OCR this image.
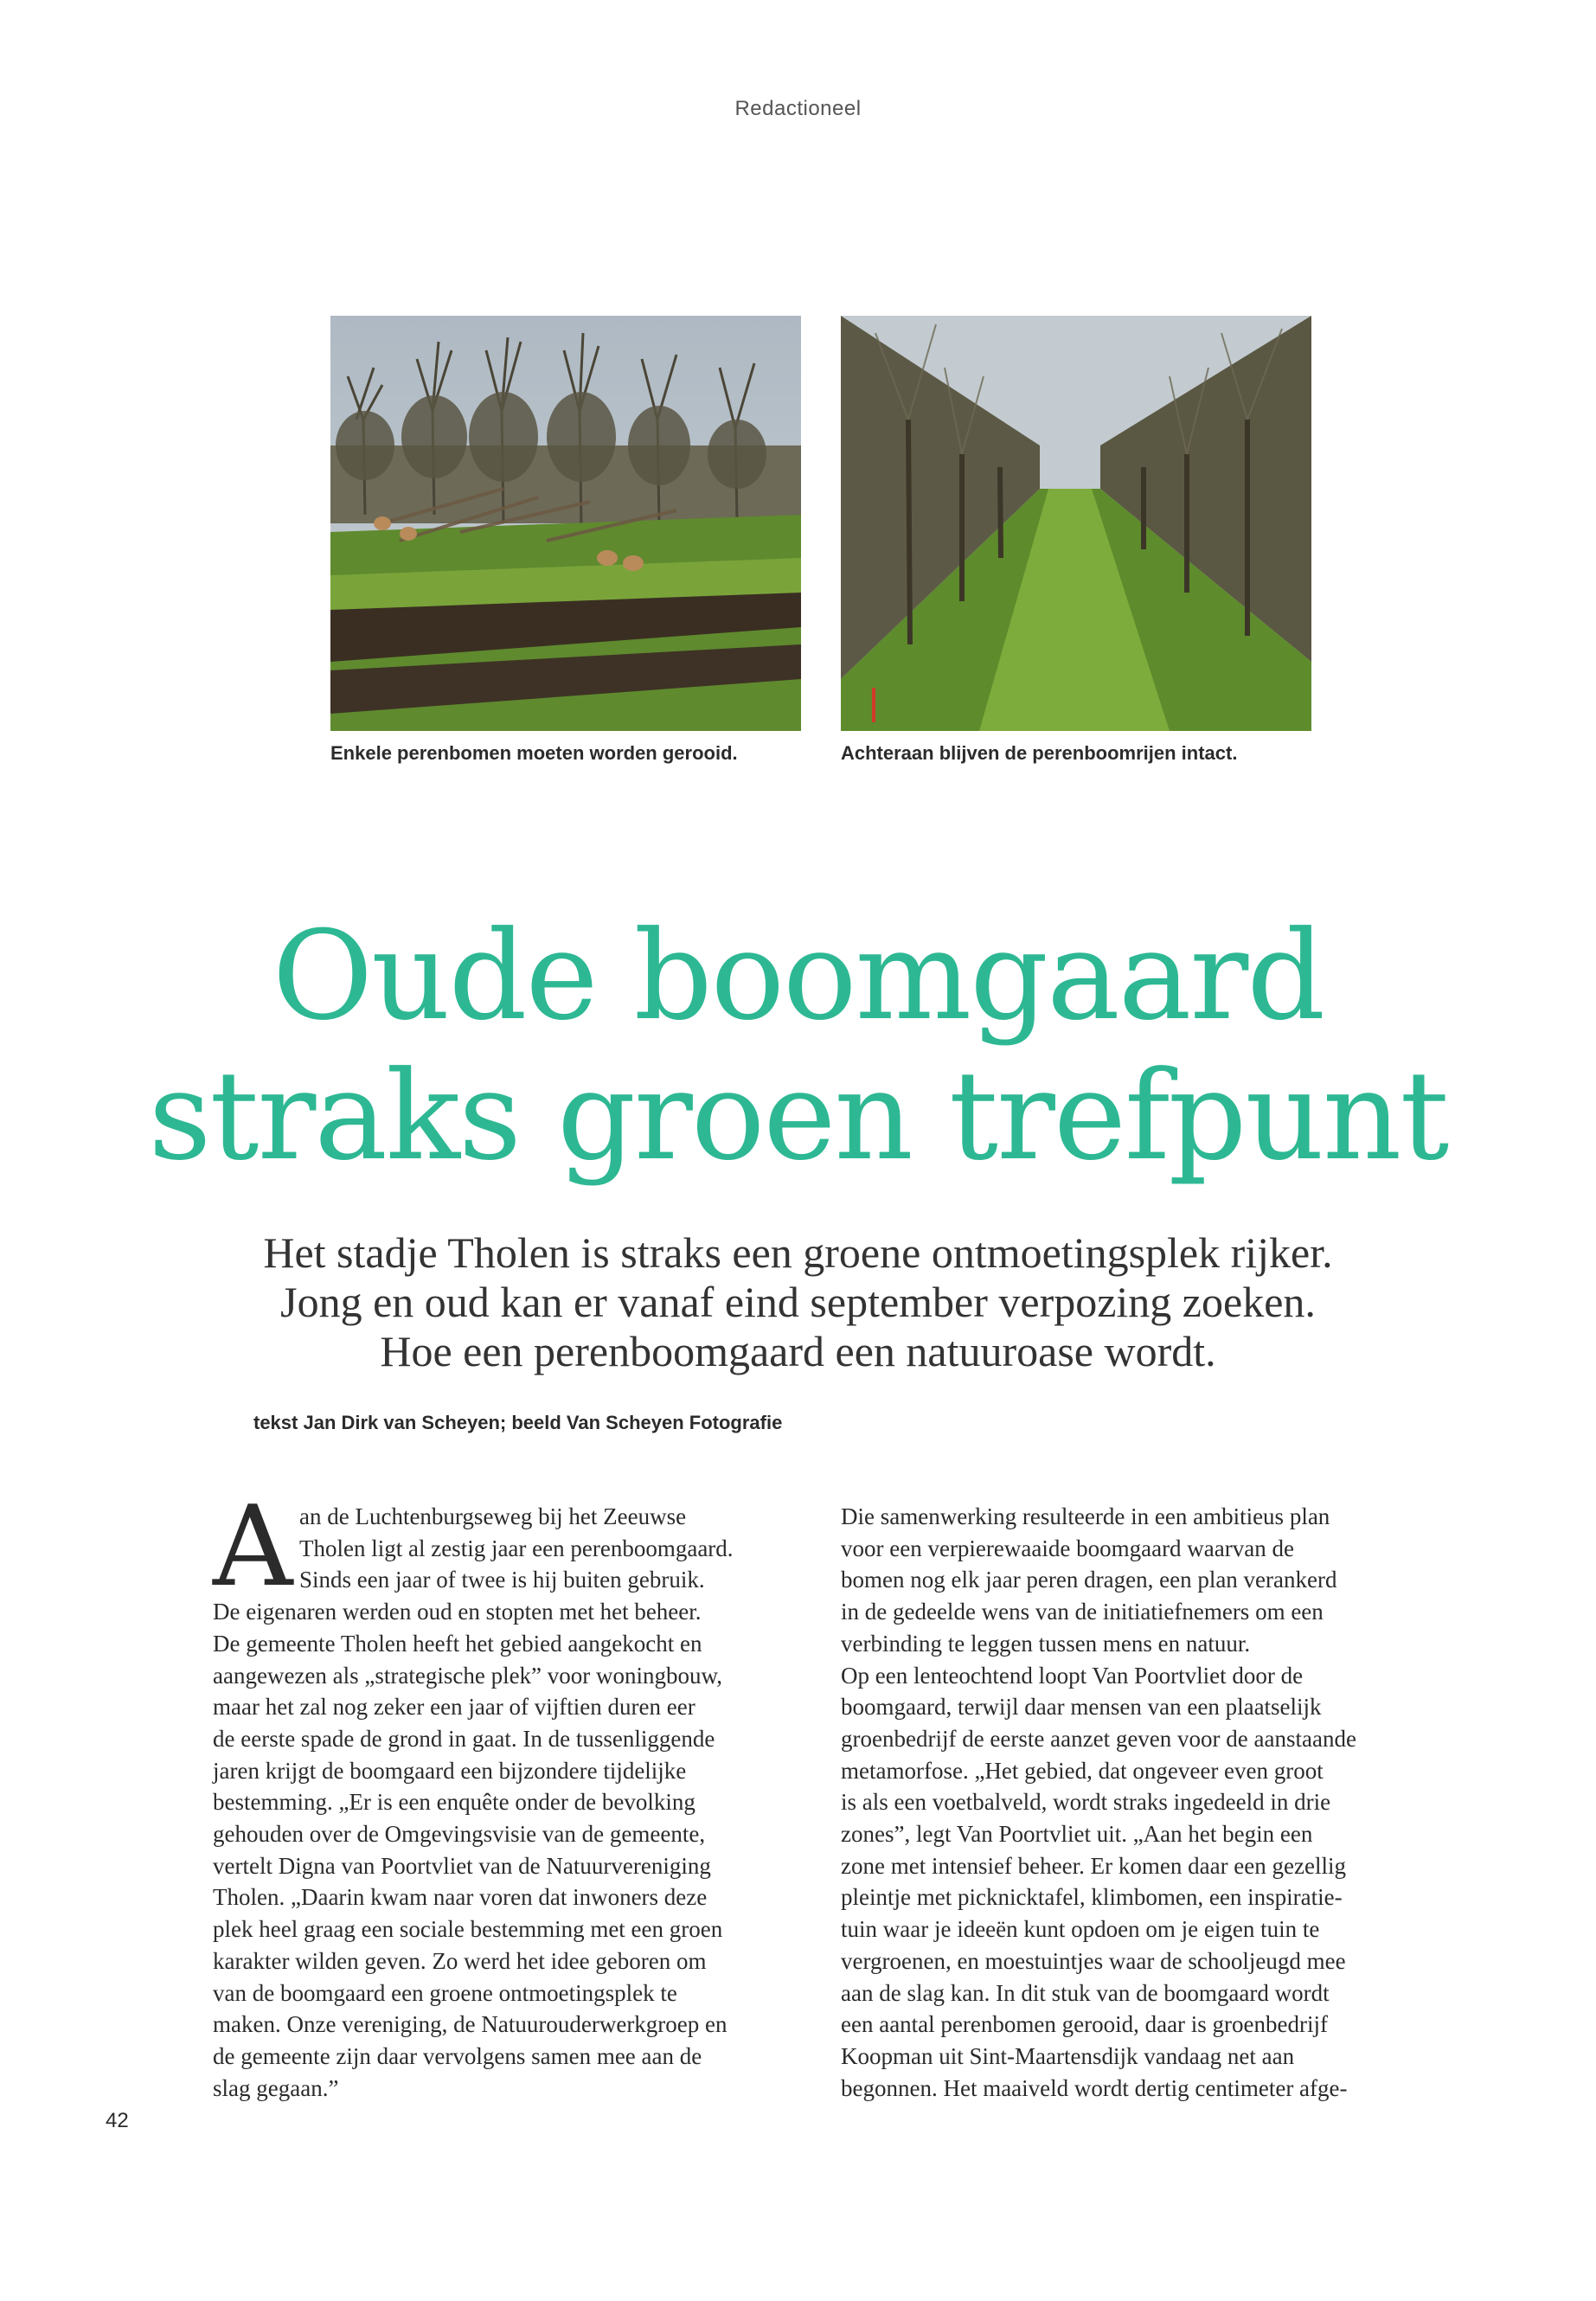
Redactioneel
Enkele perenbomen moeten worden gerooid.	Achteraan blijven de perenboomrijen intact.
Oude boomgaard
straks groen trefpunt
Het stadje Tholen is straks een groene ontmoetingsplek rijker.
Jong en oud kan er vanaf eind september verpozing zoeken.
Hoe een perenboomgaard een natuuroase wordt.
tekst Jan Dirk van Scheyen; beeld Van Scheyen Fotografie
A an de Luchtenburgseweg bij het Zeeuwse
Tholen ligt al zestig jaar een perenboomgaard.
Sinds een jaar of twee is hij buiten gebruik.
De eigenaren werden oud en stopten met het beheer.
De gemeente Tholen heeft het gebied aangekocht en
aangewezen als „strategische plek” voor woningbouw,
maar het zal nog zeker een jaar of vijftien duren eer
de eerste spade de grond in gaat. In de tussenliggende
jaren krijgt de boomgaard een bijzondere tijdelijke
bestemming. „Er is een enquête onder de bevolking
gehouden over de Omgevingsvisie van de gemeente,
vertelt Digna van Poortvliet van de Natuurvereniging
Tholen. „Daarin kwam naar voren dat inwoners deze
plek heel graag een sociale bestemming met een groen
karakter wilden geven. Zo werd het idee geboren om
van de boomgaard een groene ontmoetingsplek te
maken. Onze vereniging, de Natuurouderwerkgroep en
de gemeente zijn daar vervolgens samen mee aan de
slag gegaan.”
Die samenwerking resulteerde in een ambitieus plan
voor een verpierewaaide boomgaard waarvan de
bomen nog elk jaar peren dragen, een plan verankerd
in de gedeelde wens van de initiatiefnemers om een
verbinding te leggen tussen mens en natuur.
Op een lenteochtend loopt Van Poortvliet door de
boomgaard, terwijl daar mensen van een plaatselijk
groenbedrijf de eerste aanzet geven voor de aanstaande
metamorfose. „Het gebied, dat ongeveer even groot
is als een voetbalveld, wordt straks ingedeeld in drie
zones”, legt Van Poortvliet uit. „Aan het begin een
zone met intensief beheer. Er komen daar een gezellig
pleintje met picknicktafel, klimbomen, een inspiratie-
tuin waar je ideeën kunt opdoen om je eigen tuin te
vergroenen, en moestuintjes waar de schooljeugd mee
aan de slag kan. In dit stuk van de boomgaard wordt
een aantal perenbomen gerooid, daar is groenbedrijf
Koopman uit Sint-Maartensdijk vandaag net aan
begonnen. Het maaiveld wordt dertig centimeter afge-
42
